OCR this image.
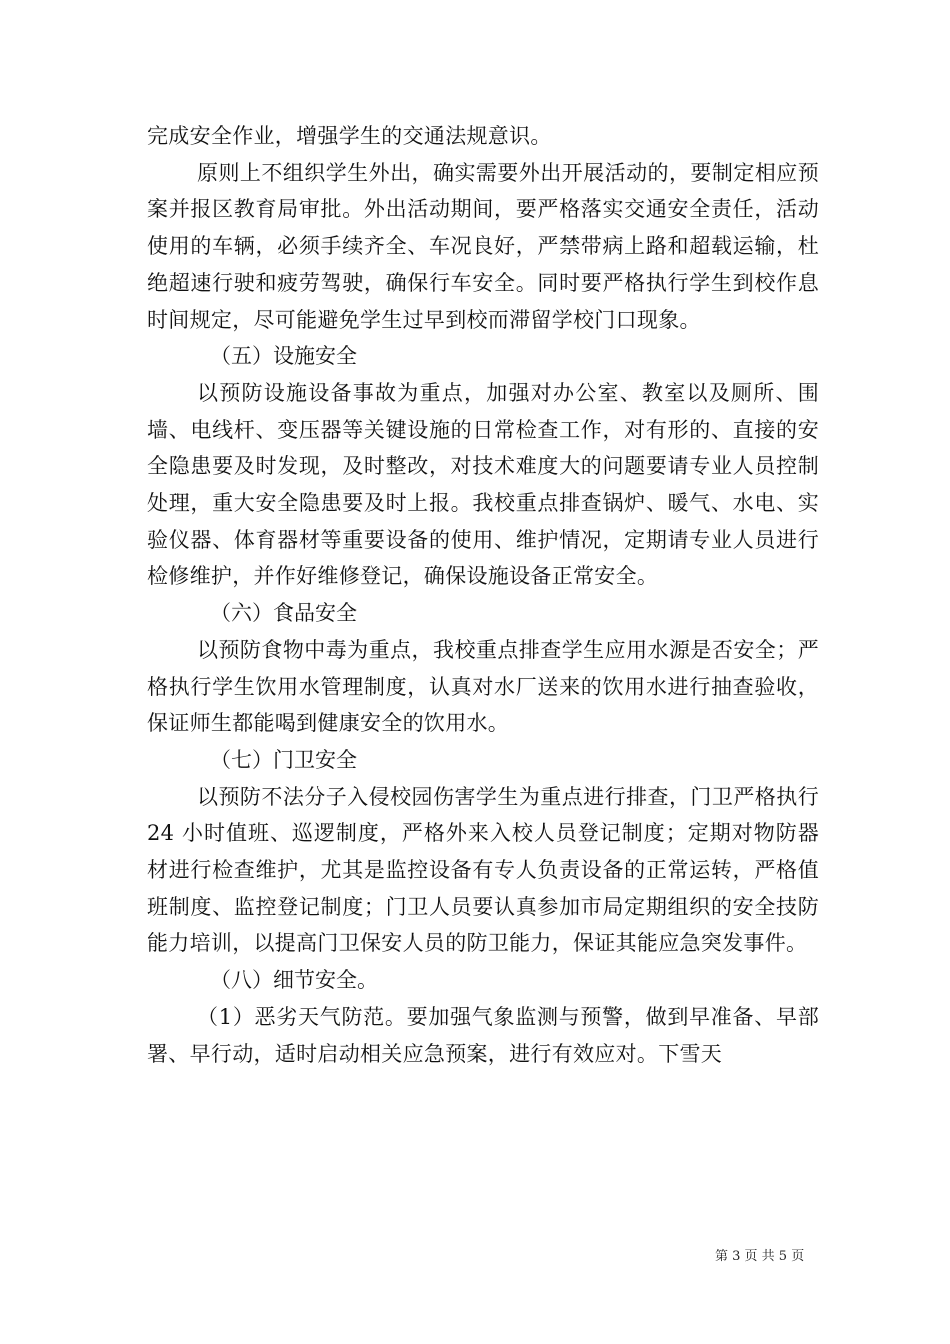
完成安全作业，增强学生的交通法规意识。

原则上不组织学生外出，确实需要外出开展活动的，要制定相应预案并报区教育局审批。外出活动期间，要严格落实交通安全责任，活动使用的车辆，必须手续齐全、车况良好，严禁带病上路和超载运输，杜绝超速行驶和疲劳驾驶，确保行车安全。同时要严格执行学生到校作息时间规定，尽可能避免学生过早到校而滞留学校门口现象。

（五）设施安全

以预防设施设备事故为重点，加强对办公室、教室以及厕所、围墙、电线杆、变压器等关键设施的日常检查工作，对有形的、直接的安全隐患要及时发现，及时整改，对技术难度大的问题要请专业人员控制处理，重大安全隐患要及时上报。我校重点排查锅炉、暖气、水电、实验仪器、体育器材等重要设备的使用、维护情况，定期请专业人员进行检修维护，并作好维修登记，确保设施设备正常安全。

（六）食品安全

以预防食物中毒为重点，我校重点排查学生应用水源是否安全；严格执行学生饮用水管理制度，认真对水厂送来的饮用水进行抽查验收，保证师生都能喝到健康安全的饮用水。

（七）门卫安全

以预防不法分子入侵校园伤害学生为重点进行排查，门卫严格执行 24 小时值班、巡逻制度，严格外来入校人员登记制度；定期对物防器材进行检查维护，尤其是监控设备有专人负责设备的正常运转，严格值班制度、监控登记制度；门卫人员要认真参加市局定期组织的安全技防能力培训，以提高门卫保安人员的防卫能力，保证其能应急突发事件。

（八）细节安全。

（1）恶劣天气防范。要加强气象监测与预警，做到早准备、早部署、早行动，适时启动相关应急预案，进行有效应对。下雪天

第 3 页 共 5 页
